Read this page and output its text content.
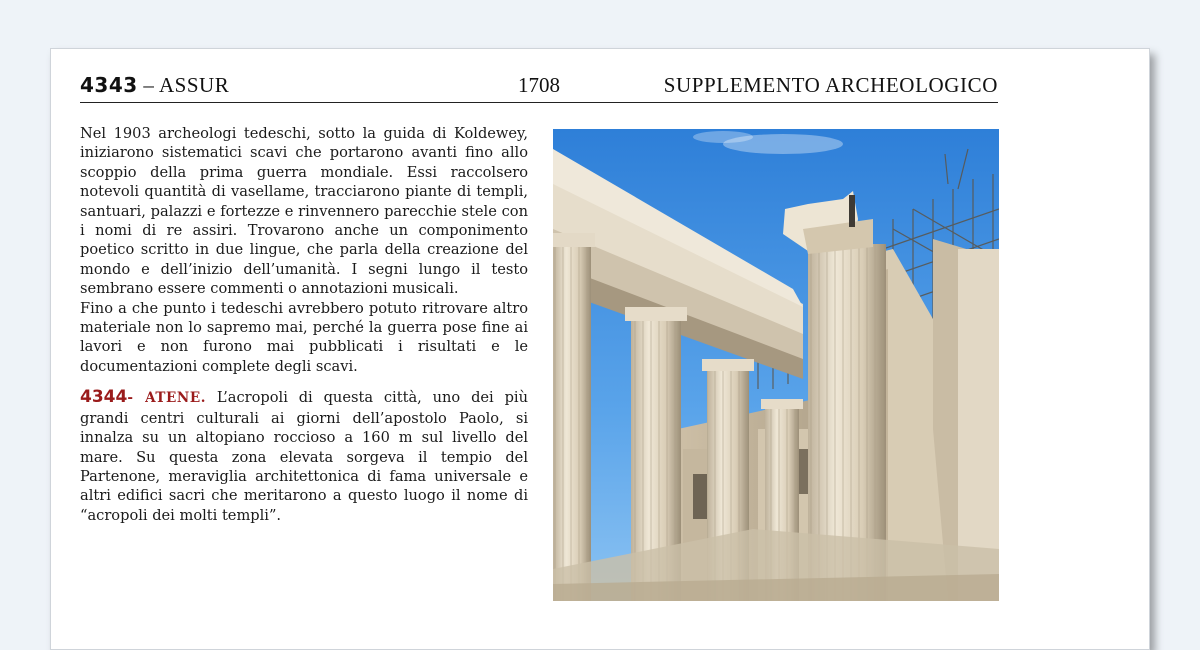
4343 – ASSUR	1708	SUPPLEMENTO ARCHEOLOGICO

Nel 1903 archeologi tedeschi, sotto la guida di Koldewey, iniziarono sistematici scavi che portarono avanti fino allo scoppio della prima guerra mondiale. Essi raccolsero notevoli quantità di vasellame, tracciarono piante di templi, santuari, palazzi e fortezze e rinvennero parecchie stele con i nomi di re assiri. Trovarono anche un componimento poetico scritto in due lingue, che parla della creazione del mondo e dell’inizio dell’umanità. I segni lungo il testo sembrano essere commenti o annotazioni musicali.

Fino a che punto i tedeschi avrebbero potuto ritrovare altro materiale non lo sapremo mai, perché la guerra pose fine ai lavori e non furono mai pubblicati i risultati e le documentazioni complete degli scavi.

4344- ATENE. L’acropoli di questa città, uno dei più grandi centri culturali ai giorni dell’apostolo Paolo, si innalza su un altopiano roccioso a 160 m sul livello del mare. Su questa zona elevata sorgeva il tempio del Partenone, meraviglia architettonica di fama universale e altri edifici sacri che meritarono a questo luogo il nome di “acropoli dei molti templi”.
